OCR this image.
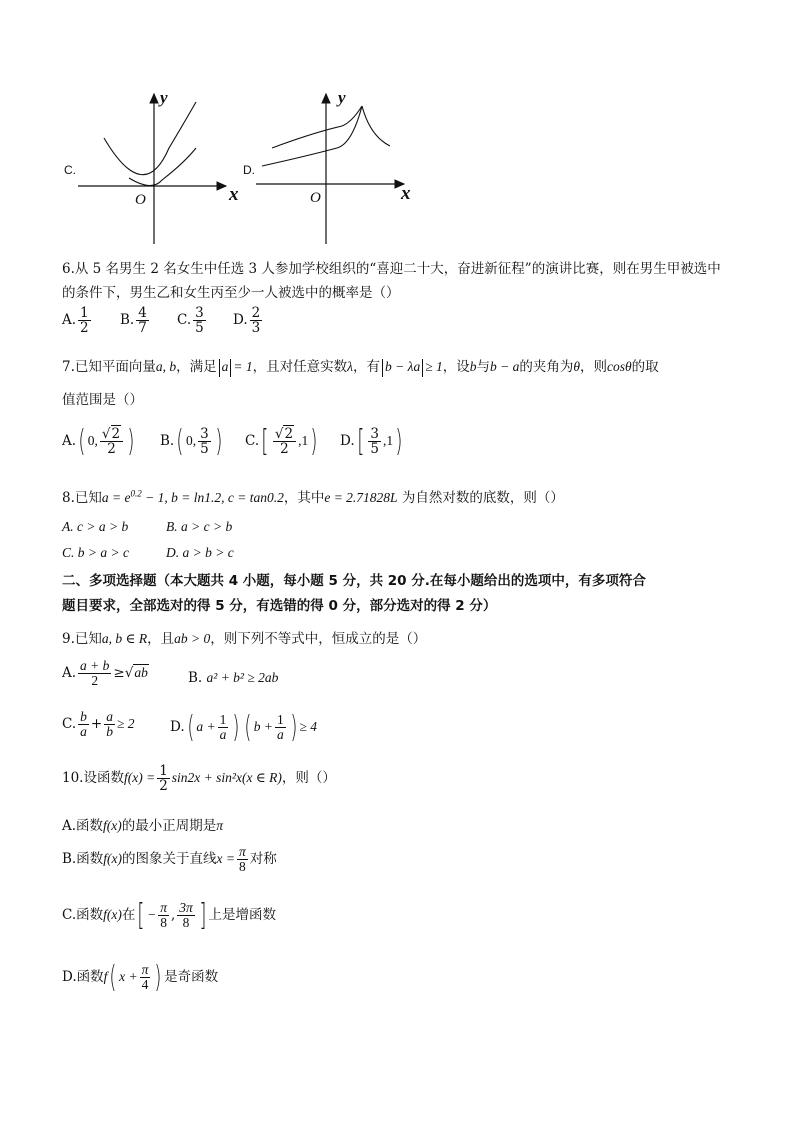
C.
y
x
O
D.
y
x
O
6.从 5 名男生 2 名女生中任选 3 人参加学校组织的“喜迎二十大，奋进新征程”的演讲比赛，则在男生甲被选中
的条件下，男生乙和女生丙至少一人被选中的概率是（）
A. $\frac{1}{2} B$. $\frac{4}{7} C$. $\frac{3}{5} D$. $\frac{2}{3}$
7.已知平面向量a, b，满足 a = 1，且对任意实数λ，有 b − λa ≥ 1，设b与b − a的夹角为θ，则cosθ的取
值范围是（）
A.( 0, $\frac{√2}{2}$ ) B.( 0, $\frac{3}{5}$ ) $C.[ \frac{√2}{2} ,1)$ $D.[ \frac{3}{5} ,1)$
8.已知$a = e^{0.2} - 1$, b = ln1.2, c = tan0.2，其中e = 2.71828L 为自然对数的底数，则（）
A. c > a > b	B. a > c > b
C. b > a > c	D. a > b > c
二、多项选择题（本大题共 4 小题，每小题 5 分，共 20 分.在每小题给出的选项中，有多项符合
题目要求，全部选对的得 5 分，有选错的得 0 分，部分选对的得 2 分）
9.已知a, b ∈ R，且ab > 0，则下列不等式中，恒成立的是（）
A. $\frac{a + b}{2} \ge√ab$	B. a² + b² ≥ 2ab
C. $\frac{b}{a} + \frac{a}{b} \ge 2$	D.( $a + \frac{1}{a}$ ) ( $b + \frac{1}{a}$ ) ≥ 4
10.设函数$f(x) = \frac{1}{2} \sin 2x + \sin^2x(x$ ∈ R)，则（）
A.函数f(x)的最小正周期是π
B.函数f(x)的图象关于直线$x = \frac{\pi}{8}$ 对称
C.函数f(x)在[ − $\frac{\pi}{8}$ , $\frac{3\pi}{8}$ ] 上是增函数
D.函数f( $x + \frac{\pi}{4}$ ) 是奇函数
